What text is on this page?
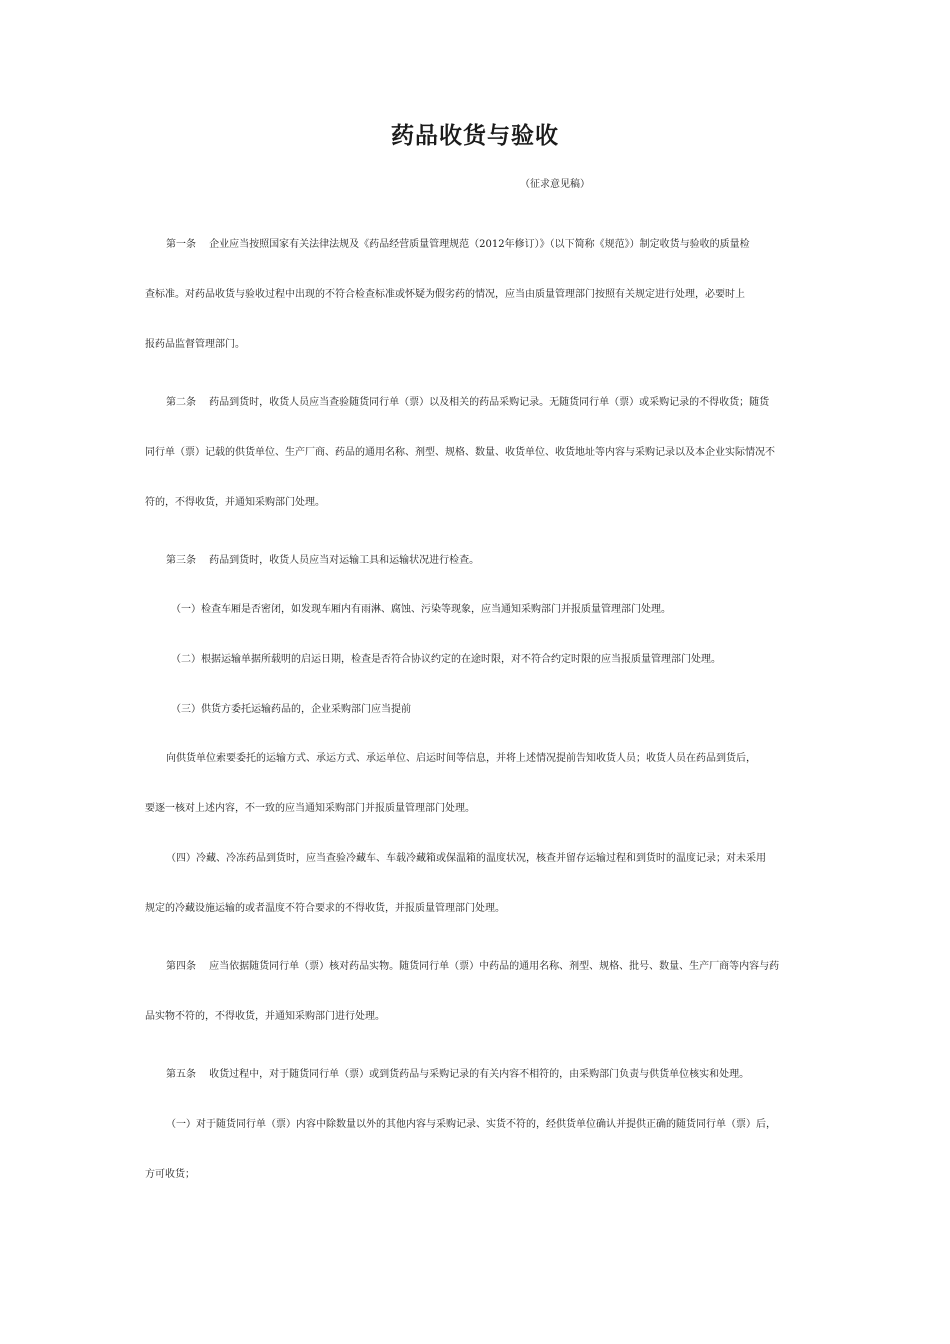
药品收货与验收
（征求意见稿）
第一条　 企业应当按照国家有关法律法规及《药品经营质量管理规范（2012年修订）》（以下简称《规范》）制定收货与验收的质量检
查标准。对药品收货与验收过程中出现的不符合检查标准或怀疑为假劣药的情况，应当由质量管理部门按照有关规定进行处理，必要时上
报药品监督管理部门。
第二条　 药品到货时，收货人员应当查验随货同行单（票）以及相关的药品采购记录。无随货同行单（票）或采购记录的不得收货；随货
同行单（票）记载的供货单位、生产厂商、药品的通用名称、剂型、规格、数量、收货单位、收货地址等内容与采购记录以及本企业实际情况不
符的，不得收货，并通知采购部门处理。
第三条　 药品到货时，收货人员应当对运输工具和运输状况进行检查。
（一）检查车厢是否密闭，如发现车厢内有雨淋、腐蚀、污染等现象，应当通知采购部门并报质量管理部门处理。
（二）根据运输单据所载明的启运日期，检查是否符合协议约定的在途时限，对不符合约定时限的应当报质量管理部门处理。
（三）供货方委托运输药品的，企业采购部门应当提前
向供货单位索要委托的运输方式、承运方式、承运单位、启运时间等信息，并将上述情况提前告知收货人员；收货人员在药品到货后，
要逐一核对上述内容，不一致的应当通知采购部门并报质量管理部门处理。
（四）冷藏、冷冻药品到货时，应当查验冷藏车、车载冷藏箱或保温箱的温度状况，核查并留存运输过程和到货时的温度记录；对未采用
规定的冷藏设施运输的或者温度不符合要求的不得收货，并报质量管理部门处理。
第四条　 应当依据随货同行单（票）核对药品实物。随货同行单（票）中药品的通用名称、剂型、规格、批号、数量、生产厂商等内容与药
品实物不符的，不得收货，并通知采购部门进行处理。
第五条　 收货过程中，对于随货同行单（票）或到货药品与采购记录的有关内容不相符的，由采购部门负责与供货单位核实和处理。
（一）对于随货同行单（票）内容中除数量以外的其他内容与采购记录、实货不符的，经供货单位确认并提供正确的随货同行单（票）后，
方可收货；
